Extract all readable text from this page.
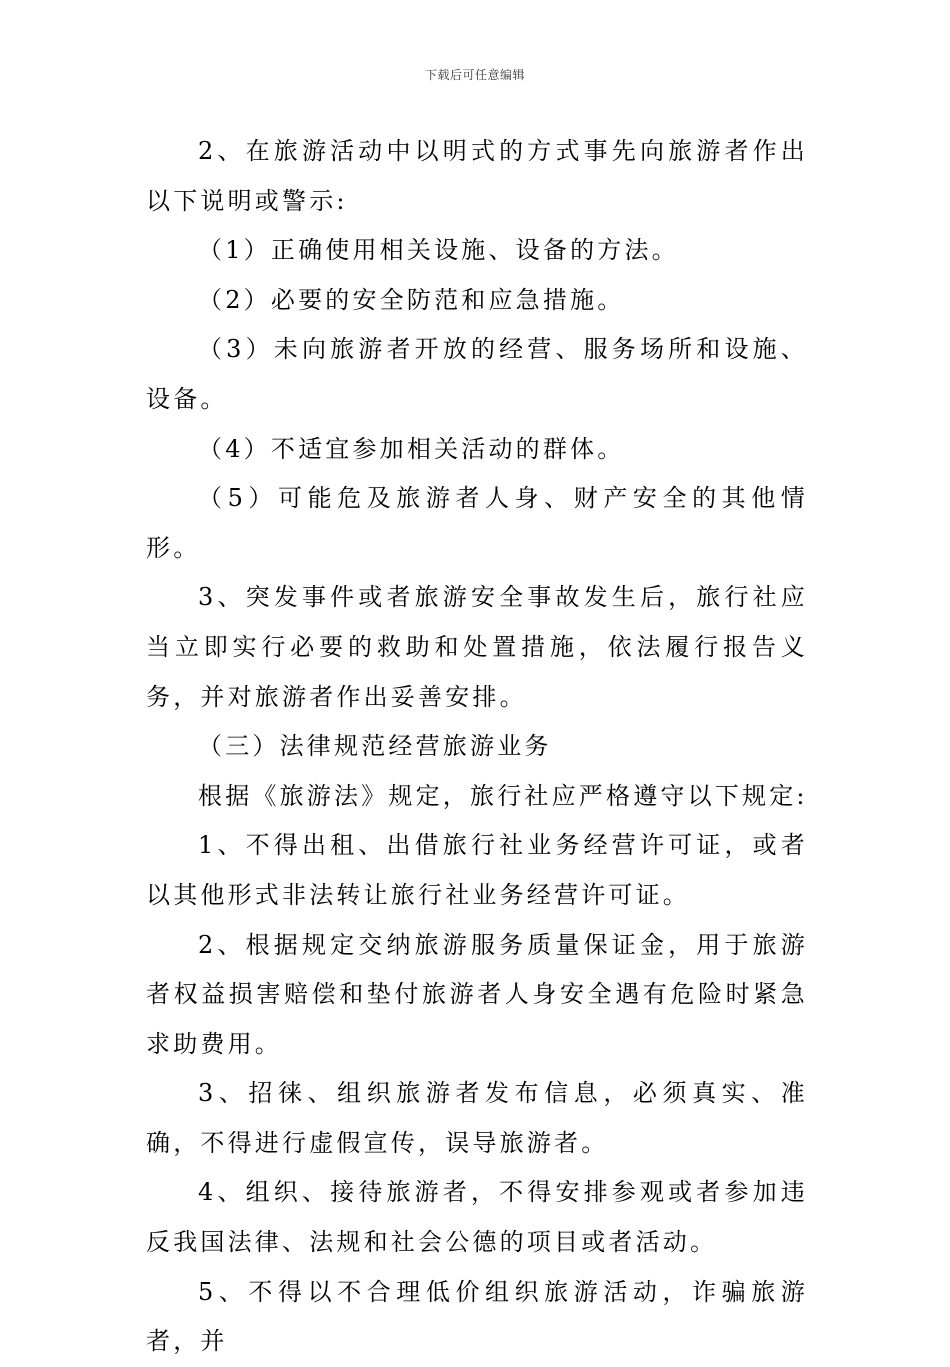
下载后可任意编辑

2、在旅游活动中以明式的方式事先向旅游者作出以下说明或警示:

（1）正确使用相关设施、设备的方法。

（2）必要的安全防范和应急措施。

（3）未向旅游者开放的经营、服务场所和设施、设备。

（4）不适宜参加相关活动的群体。

（5）可能危及旅游者人身、财产安全的其他情形。

3、突发事件或者旅游安全事故发生后，旅行社应当立即实行必要的救助和处置措施，依法履行报告义务，并对旅游者作出妥善安排。

（三）法律规范经营旅游业务

根据《旅游法》规定，旅行社应严格遵守以下规定:

1、不得出租、出借旅行社业务经营许可证，或者以其他形式非法转让旅行社业务经营许可证。

2、根据规定交纳旅游服务质量保证金，用于旅游者权益损害赔偿和垫付旅游者人身安全遇有危险时紧急求助费用。

3、招徕、组织旅游者发布信息，必须真实、准确，不得进行虚假宣传，误导旅游者。

4、组织、接待旅游者，不得安排参观或者参加违反我国法律、法规和社会公德的项目或者活动。

5、不得以不合理低价组织旅游活动，诈骗旅游者，并
